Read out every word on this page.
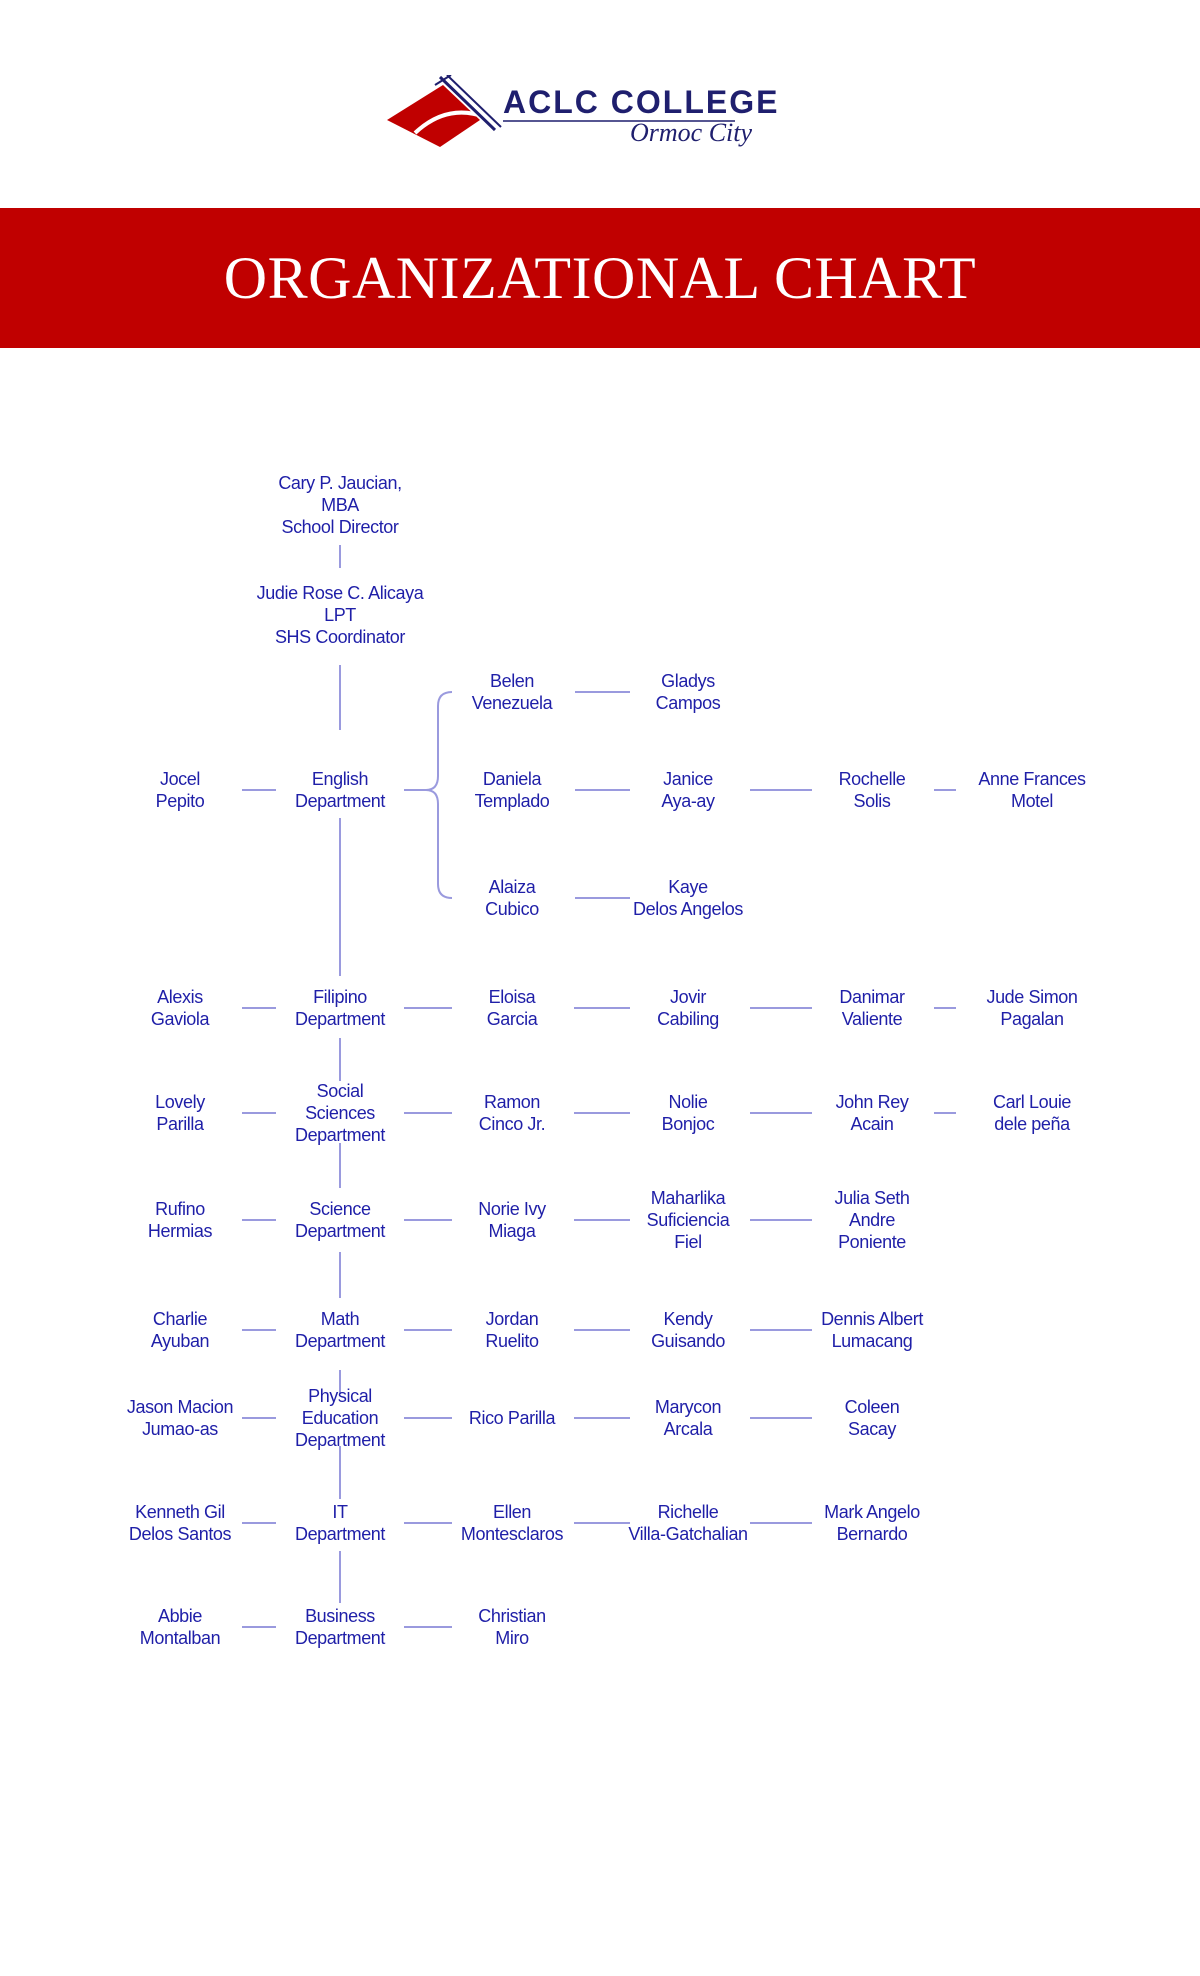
ACLC COLLEGE
Ormoc City
ORGANIZATIONAL CHART
Cary P. Jaucian,
MBA
School Director
Judie Rose C. Alicaya
LPT
SHS Coordinator
English
Department
Jocel
Pepito
Belen
Venezuela
Gladys
Campos
Daniela
Templado
Janice
Aya-ay
Rochelle
Solis
Anne Frances
Motel
Alaiza
Cubico
Kaye
Delos Angelos
Filipino
Department
Alexis
Gaviola
Eloisa
Garcia
Jovir
Cabiling
Danimar
Valiente
Jude Simon
Pagalan
Social
Sciences
Department
Lovely
Parilla
Ramon
Cinco Jr.
Nolie
Bonjoc
John Rey
Acain
Carl Louie
dele peña
Science
Department
Rufino
Hermias
Norie Ivy
Miaga
Maharlika
Suficiencia
Fiel
Julia Seth
Andre
Poniente
Math
Department
Charlie
Ayuban
Jordan
Ruelito
Kendy
Guisando
Dennis Albert
Lumacang
Physical
Education
Department
Jason Macion
Jumao-as
Rico Parilla
Marycon
Arcala
Coleen
Sacay
IT
Department
Kenneth Gil
Delos Santos
Ellen
Montesclaros
Richelle
Villa-Gatchalian
Mark Angelo
Bernardo
Business
Department
Abbie
Montalban
Christian
Miro
